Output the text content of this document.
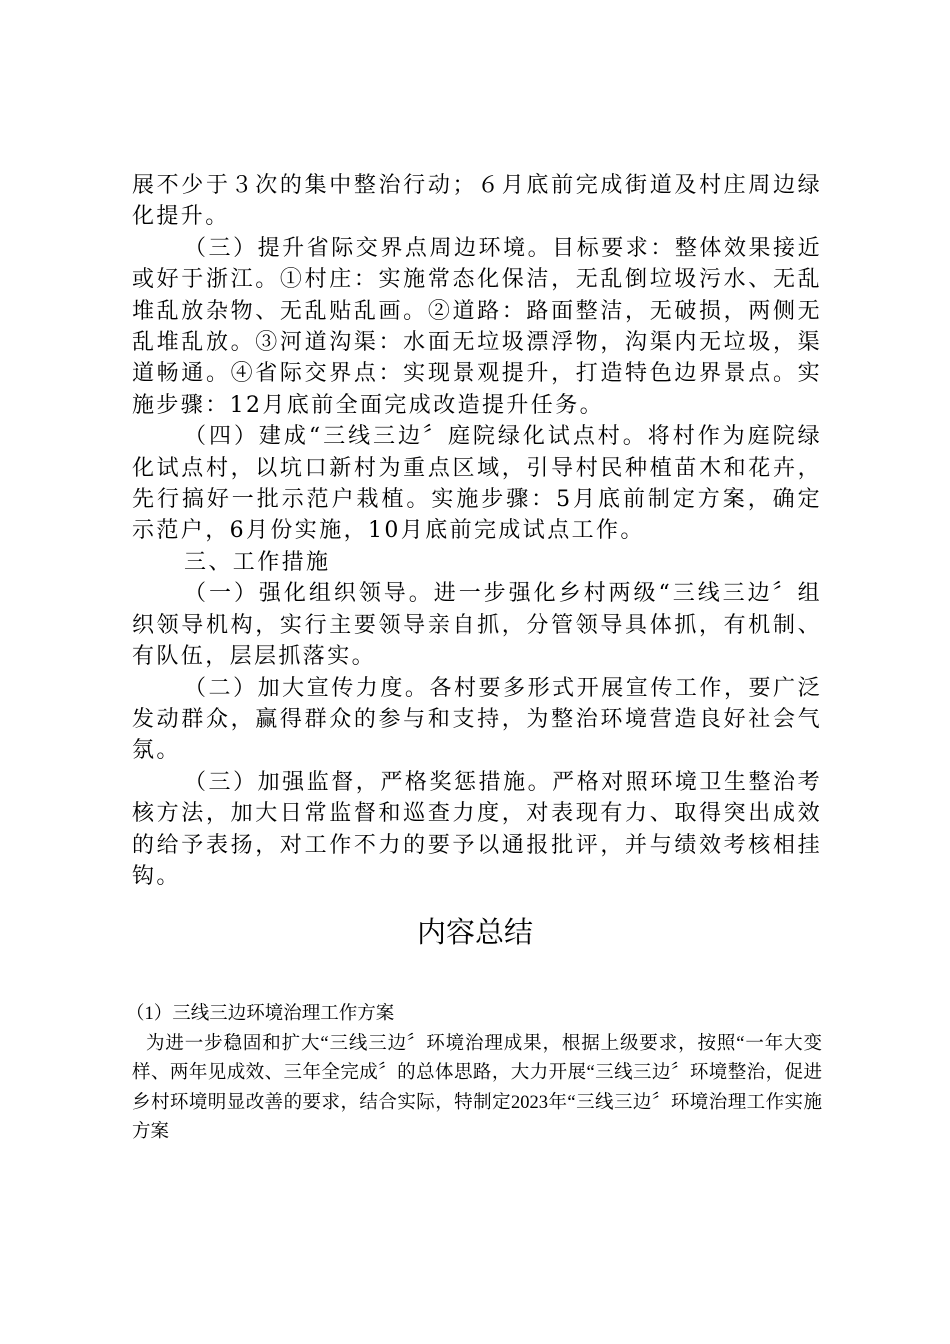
展不少于３次的集中整治行动；６月底前完成街道及村庄周边绿化提升。

（三）提升省际交界点周边环境。目标要求：整体效果接近或好于浙江。①村庄：实施常态化保洁，无乱倒垃圾污水、无乱堆乱放杂物、无乱贴乱画。②道路：路面整洁，无破损，两侧无乱堆乱放。③河道沟渠：水面无垃圾漂浮物，沟渠内无垃圾，渠道畅通。④省际交界点：实现景观提升，打造特色边界景点。实施步骤：12月底前全面完成改造提升任务。

（四）建成“三线三边〞庭院绿化试点村。将村作为庭院绿化试点村，以坑口新村为重点区域，引导村民种植苗木和花卉，先行搞好一批示范户栽植。实施步骤：5月底前制定方案，确定示范户，6月份实施，10月底前完成试点工作。

三、工作措施

（一）强化组织领导。进一步强化乡村两级“三线三边〞组织领导机构，实行主要领导亲自抓，分管领导具体抓，有机制、有队伍，层层抓落实。

（二）加大宣传力度。各村要多形式开展宣传工作，要广泛发动群众，赢得群众的参与和支持，为整治环境营造良好社会气氛。

（三）加强监督，严格奖惩措施。严格对照环境卫生整治考核方法，加大日常监督和巡查力度，对表现有力、取得突出成效的给予表扬，对工作不力的要予以通报批评，并与绩效考核相挂钩。

内容总结

（1）三线三边环境治理工作方案

为进一步稳固和扩大“三线三边〞环境治理成果，根据上级要求，按照“一年大变样、两年见成效、三年全完成〞的总体思路，大力开展“三线三边〞环境整治，促进乡村环境明显改善的要求，结合实际，特制定2023年“三线三边〞环境治理工作实施方案
